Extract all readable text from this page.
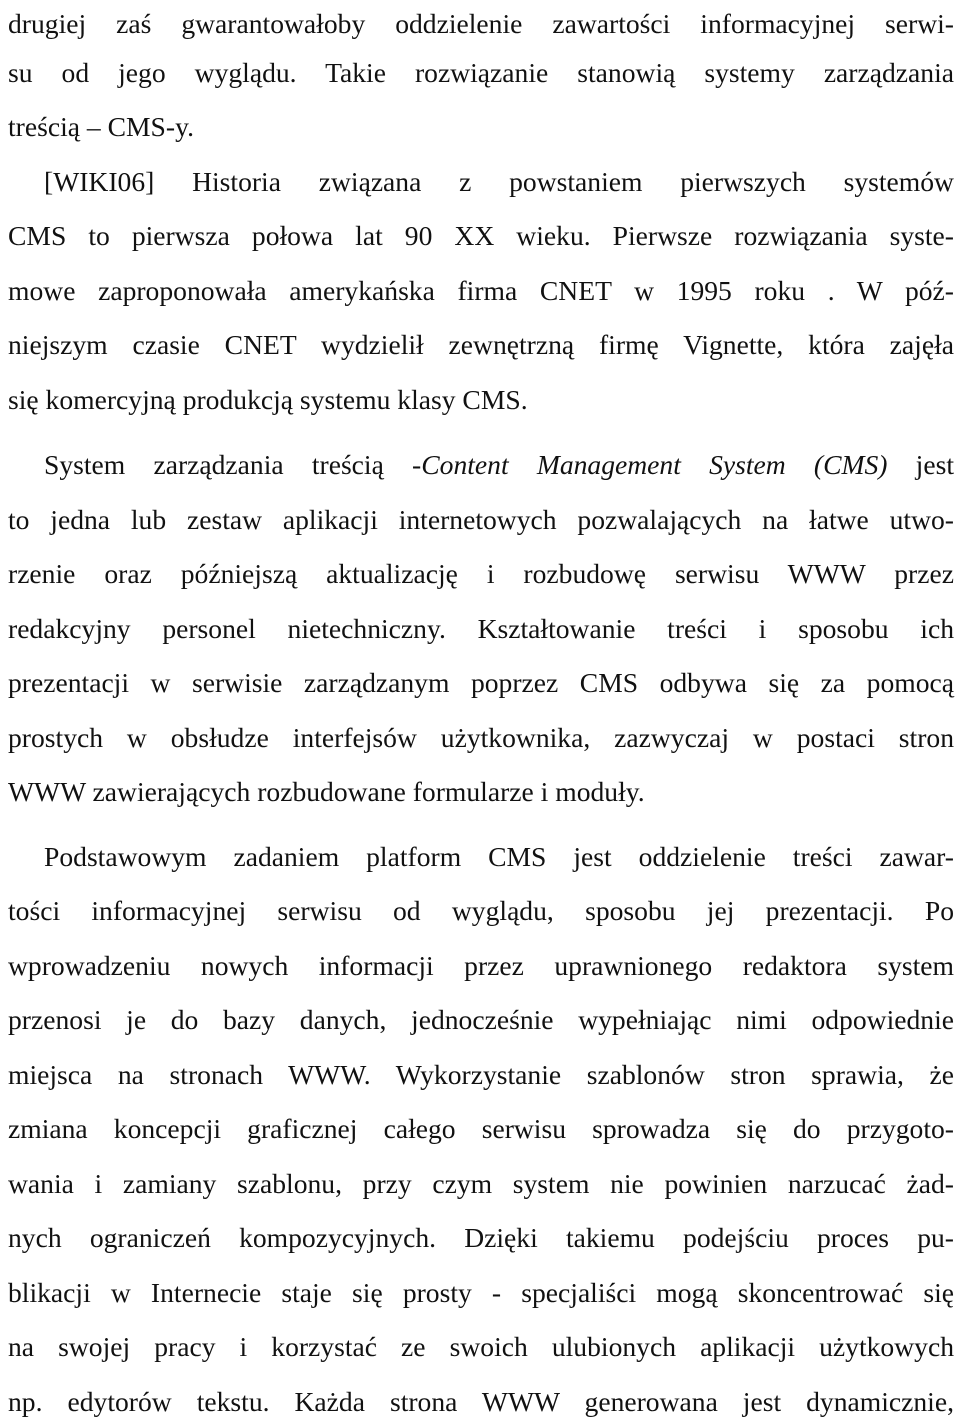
drugiej zaś gwarantowałoby oddzielenie zawartości informacyjnej serwi-
su od jego wyglądu. Takie rozwiązanie stanowią systemy zarządzania
treścią – CMS-y.
[WIKI06] Historia związana z powstaniem pierwszych systemów
CMS to pierwsza połowa lat 90 XX wieku. Pierwsze rozwiązania syste-
mowe zaproponowała amerykańska firma CNET w 1995 roku . W póź-
niejszym czasie CNET wydzielił zewnętrzną firmę Vignette, która zajęła
się komercyjną produkcją systemu klasy CMS.
System zarządzania treścią -Content Management System (CMS) jest
to jedna lub zestaw aplikacji internetowych pozwalających na łatwe utwo-
rzenie oraz późniejszą aktualizację i rozbudowę serwisu WWW przez
redakcyjny personel nietechniczny. Kształtowanie treści i sposobu ich
prezentacji w serwisie zarządzanym poprzez CMS odbywa się za pomocą
prostych w obsłudze interfejsów użytkownika, zazwyczaj w postaci stron
WWW zawierających rozbudowane formularze i moduły.
Podstawowym zadaniem platform CMS jest oddzielenie treści zawar-
tości informacyjnej serwisu od wyglądu, sposobu jej prezentacji. Po
wprowadzeniu nowych informacji przez uprawnionego redaktora system
przenosi je do bazy danych, jednocześnie wypełniając nimi odpowiednie
miejsca na stronach WWW. Wykorzystanie szablonów stron sprawia, że
zmiana koncepcji graficznej całego serwisu sprowadza się do przygoto-
wania i zamiany szablonu, przy czym system nie powinien narzucać żad-
nych ograniczeń kompozycyjnych. Dzięki takiemu podejściu proces pu-
blikacji w Internecie staje się prosty - specjaliści mogą skoncentrować się
na swojej pracy i korzystać ze swoich ulubionych aplikacji użytkowych
np. edytorów tekstu. Każda strona WWW generowana jest dynamicznie,
